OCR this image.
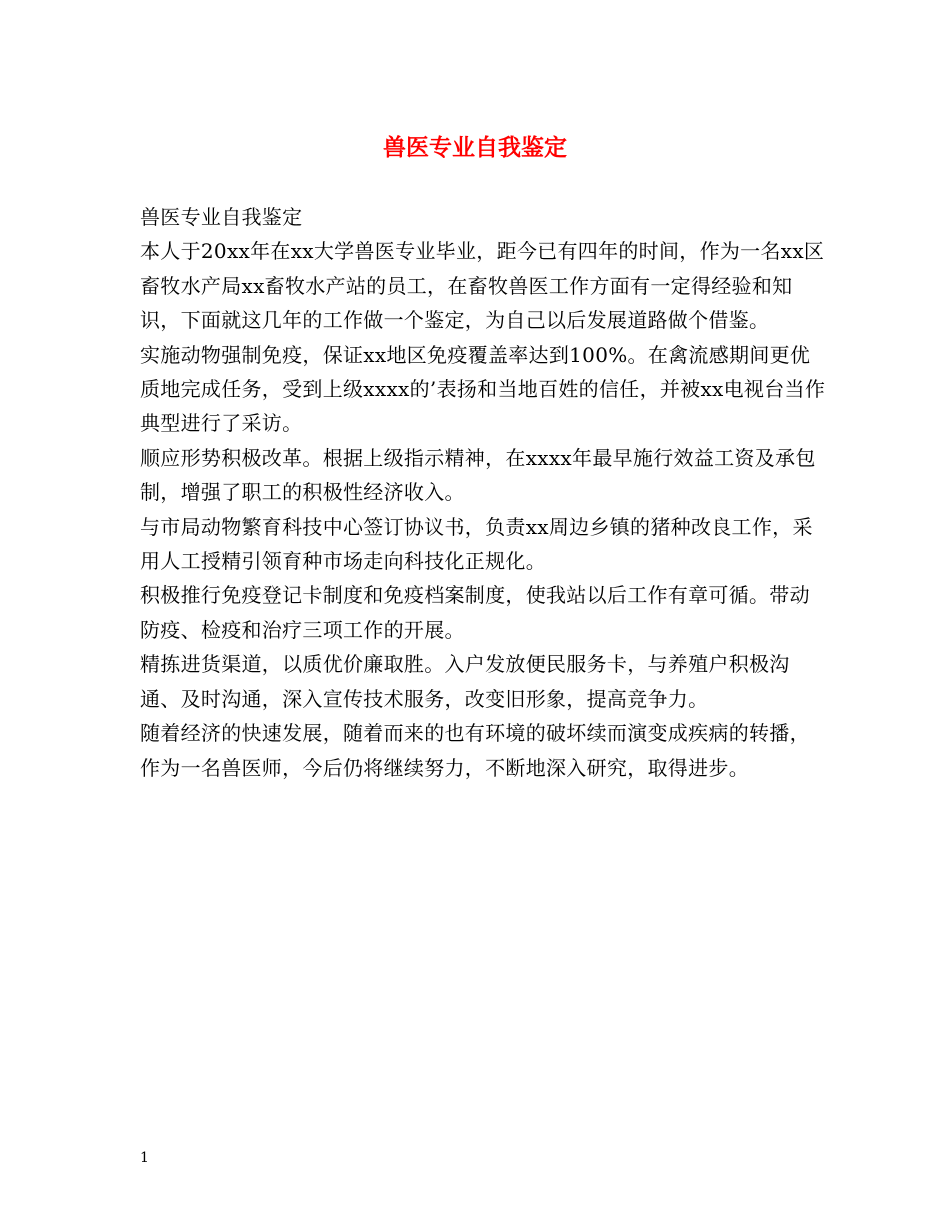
兽医专业自我鉴定

兽医专业自我鉴定

本人于20xx年在xx大学兽医专业毕业，距今已有四年的时间，作为一名xx区畜牧水产局xx畜牧水产站的员工，在畜牧兽医工作方面有一定得经验和知识，下面就这几年的工作做一个鉴定，为自己以后发展道路做个借鉴。

实施动物强制免疫，保证xx地区免疫覆盖率达到100%。在禽流感期间更优质地完成任务，受到上级xxxx的’表扬和当地百姓的信任，并被xx电视台当作典型进行了采访。

顺应形势积极改革。根据上级指示精神，在xxxx年最早施行效益工资及承包制，增强了职工的积极性经济收入。

与市局动物繁育科技中心签订协议书，负责xx周边乡镇的猪种改良工作，采用人工授精引领育种市场走向科技化正规化。

积极推行免疫登记卡制度和免疫档案制度，使我站以后工作有章可循。带动防疫、检疫和治疗三项工作的开展。

精拣进货渠道，以质优价廉取胜。入户发放便民服务卡，与养殖户积极沟通、及时沟通，深入宣传技术服务，改变旧形象，提高竞争力。

随着经济的快速发展，随着而来的也有环境的破坏续而演变成疾病的转播，作为一名兽医师，今后仍将继续努力，不断地深入研究，取得进步。

1
